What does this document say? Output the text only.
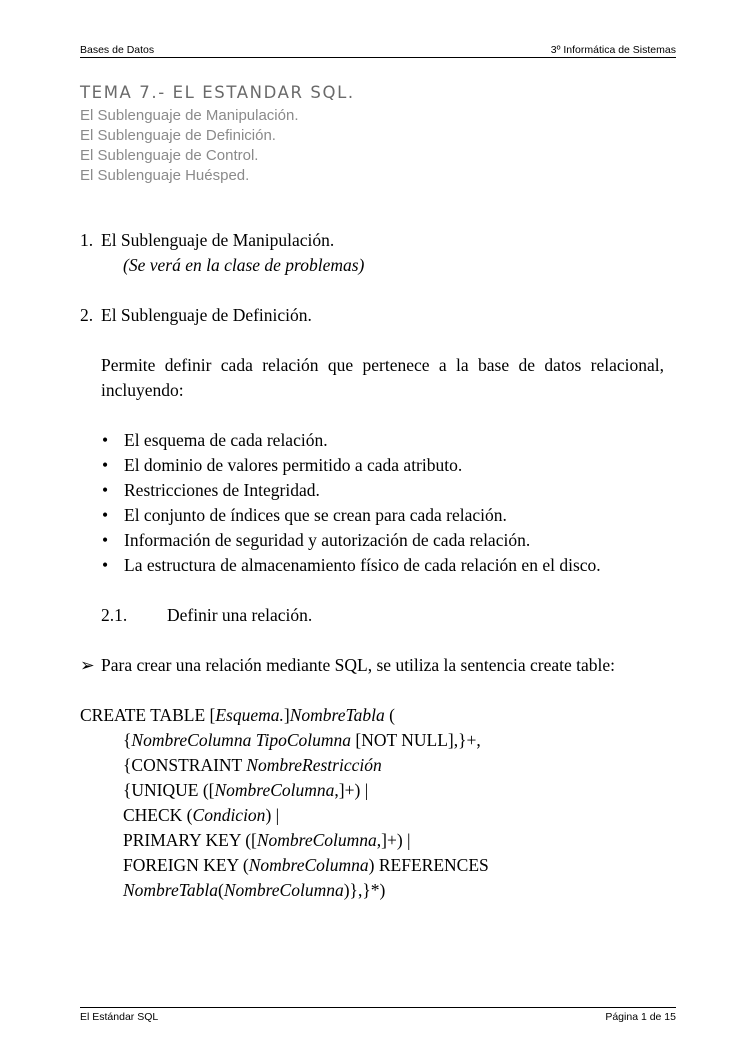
Bases de Datos	3º Informática de Sistemas
TEMA 7.- EL ESTANDAR SQL.
El Sublenguaje de Manipulación.
El Sublenguaje de Definición.
El Sublenguaje de Control.
El Sublenguaje Huésped.
1. El Sublenguaje de Manipulación.
(Se verá en la clase de problemas)
2. El Sublenguaje de Definición.
Permite definir cada relación que pertenece a la base de datos relacional, incluyendo:
• El esquema de cada relación.
• El dominio de valores permitido a cada atributo.
• Restricciones de Integridad.
• El conjunto de índices que se crean para cada relación.
• Información de seguridad y autorización de cada relación.
• La estructura de almacenamiento físico de cada relación en el disco.
2.1.	Definir una relación.
➢ Para crear una relación mediante SQL, se utiliza la sentencia create table:
CREATE TABLE [Esquema.]NombreTabla (
{NombreColumna TipoColumna [NOT NULL],}+,
{CONSTRAINT NombreRestricción
{UNIQUE ([NombreColumna,]+) |
CHECK (Condicion) |
PRIMARY KEY ([NombreColumna,]+) |
FOREIGN KEY (NombreColumna) REFERENCES
NombreTabla(NombreColumna)},}*)
El Estándar SQL	Página 1 de 15
